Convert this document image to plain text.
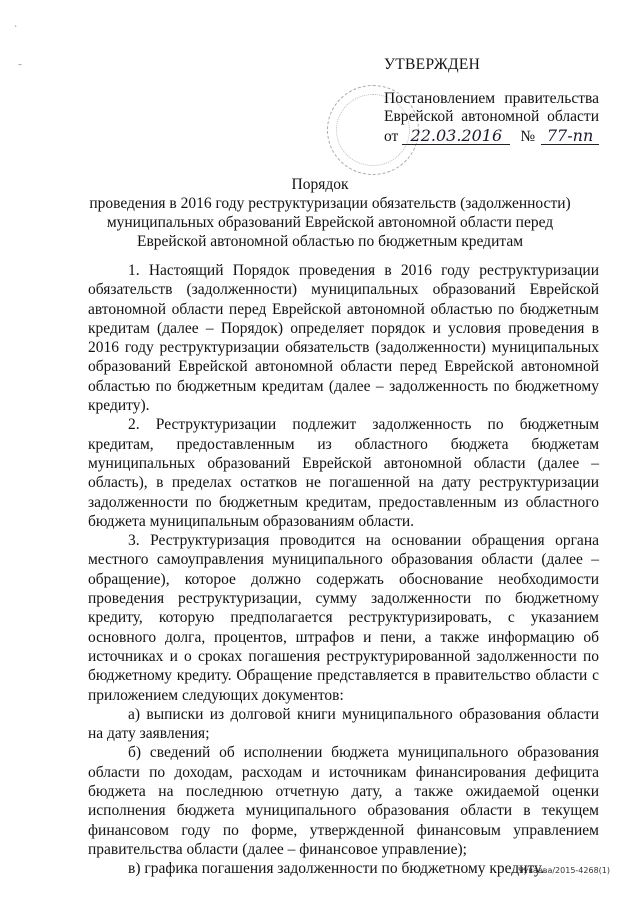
ˎ
–	УТВЕРЖДЕН
Постановлением правительства
Еврейской автономной области
от 22.03.2016	№ 77-пп
Порядок
проведения в 2016 году реструктуризации обязательств (задолженности) муниципальных образований Еврейской автономной области перед Еврейской автономной областью по бюджетным кредитам

1. Настоящий Порядок проведения в 2016 году реструктуризации обязательств (задолженности) муниципальных образований Еврейской автономной области перед Еврейской автономной областью по бюджетным кредитам (далее – Порядок) определяет порядок и условия проведения в 2016 году реструктуризации обязательств (задолженности) муниципальных образований Еврейской автономной области перед Еврейской автономной областью по бюджетным кредитам (далее – задолженность по бюджетному кредиту).

2. Реструктуризации подлежит задолженность по бюджетным кредитам, предоставленным из областного бюджета бюджетам муниципальных образований Еврейской автономной области (далее – область), в пределах остатков не погашенной на дату реструктуризации задолженности по бюджетным кредитам, предоставленным из областного бюджета муниципальным образованиям области.

3. Реструктуризация проводится на основании обращения органа местного самоуправления муниципального образования области (далее – обращение), которое должно содержать обоснование необходимости проведения реструктуризации, сумму задолженности по бюджетному кредиту, которую предполагается реструктуризировать, с указанием основного долга, процентов, штрафов и пени, а также информацию об источниках и о сроках погашения реструктурированной задолженности по бюджетному кредиту. Обращение представляется в правительство области с приложением следующих документов:

а) выписки из долговой книги муниципального образования области на дату заявления;

б) сведений об исполнении бюджета муниципального образования области по доходам, расходам и источникам финансирования дефицита бюджета на последнюю отчетную дату, а также ожидаемой оценки исполнения бюджета муниципального образования области в текущем финансовом году по форме, утвержденной финансовым управлением правительства области (далее – финансовое управление);

в) графика погашения задолженности по бюджетному кредиту.

Чуваева/2015-4268(1)
